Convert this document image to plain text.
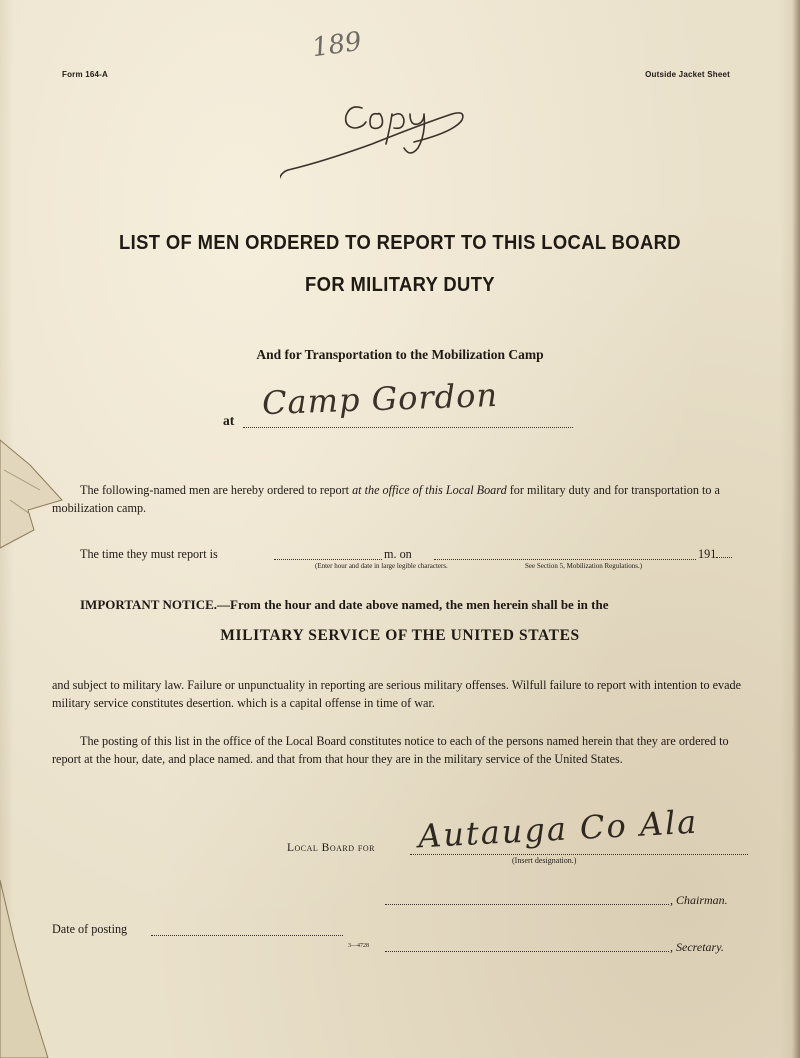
Form 164-A	Outside Jacket Sheet
189
LIST OF MEN ORDERED TO REPORT TO THIS LOCAL BOARD
FOR MILITARY DUTY
And for Transportation to the Mobilization Camp
at Camp Gordon
The following-named men are hereby ordered to report at the office of this Local Board for military duty and for transportation to a mobilization camp.
The time they must report is	m. on	191
(Enter hour and date in large legible characters.	See Section 5, Mobilization Regulations.)
IMPORTANT NOTICE.—From the hour and date above named, the men herein shall be in the
MILITARY SERVICE OF THE UNITED STATES
and subject to military law. Failure or unpunctuality in reporting are serious military offenses. Wilfull failure to report with intention to evade military service constitutes desertion. which is a capital offense in time of war.
The posting of this list in the office of the Local Board constitutes notice to each of the persons named herein that they are ordered to report at the hour, date, and place named. and that from that hour they are in the military service of the United States.
Local Board for Autauga Co Ala
(Insert designation.)
, Chairman.
Date of posting
3—4728	, Secretary.
